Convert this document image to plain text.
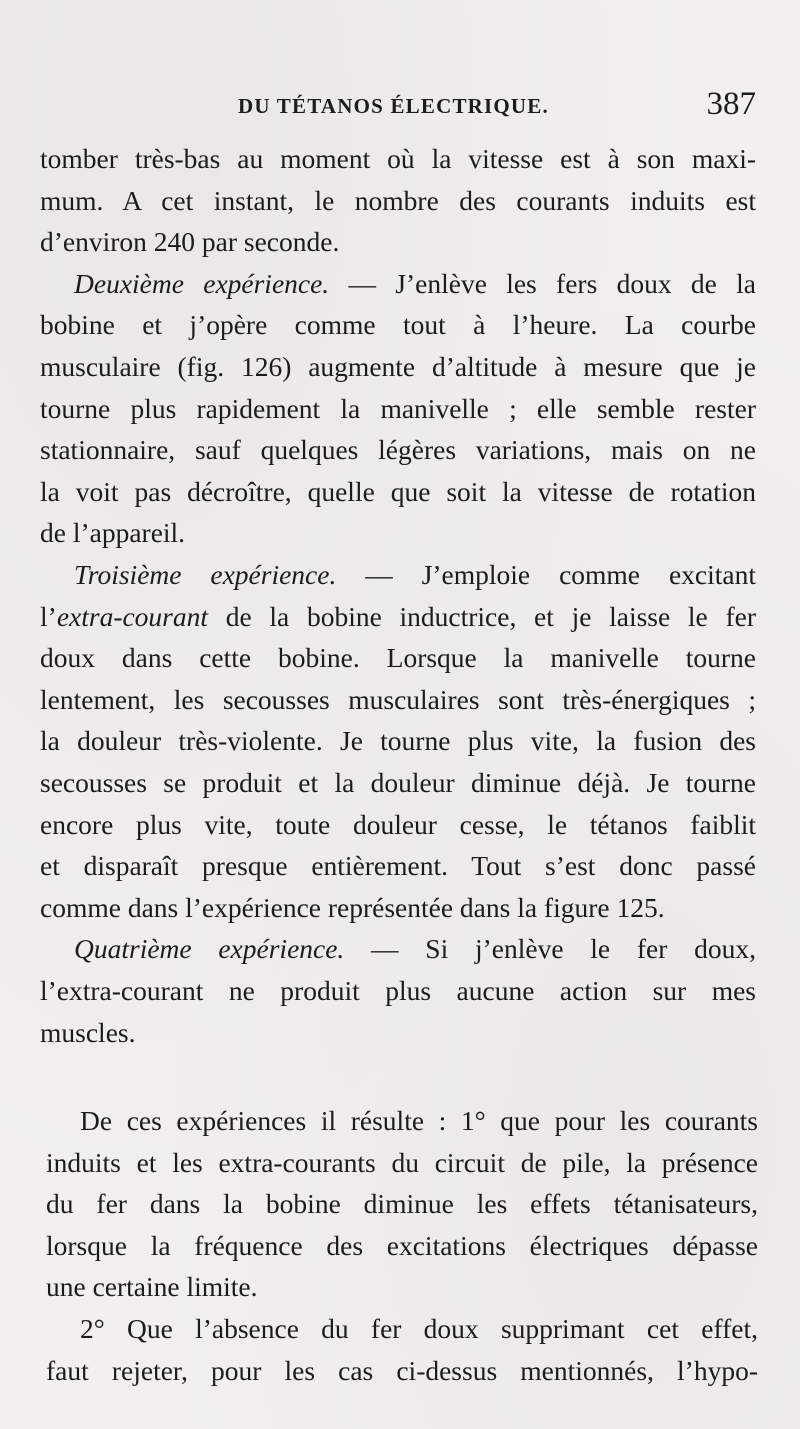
DU TÉTANOS ÉLECTRIQUE.	387
tomber très-bas au moment où la vitesse est à son maxi-
mum. A cet instant, le nombre des courants induits est
d’environ 240 par seconde.
Deuxième expérience. — J’enlève les fers doux de la
bobine et j’opère comme tout à l’heure. La courbe
musculaire (fig. 126) augmente d’altitude à mesure que je
tourne plus rapidement la manivelle ; elle semble rester
stationnaire, sauf quelques légères variations, mais on ne
la voit pas décroître, quelle que soit la vitesse de rotation
de l’appareil.
Troisième expérience. — J’emploie comme excitant
l’extra-courant de la bobine inductrice, et je laisse le fer
doux dans cette bobine. Lorsque la manivelle tourne
lentement, les secousses musculaires sont très-énergiques ;
la douleur très-violente. Je tourne plus vite, la fusion des
secousses se produit et la douleur diminue déjà. Je tourne
encore plus vite, toute douleur cesse, le tétanos faiblit
et disparaît presque entièrement. Tout s’est donc passé
comme dans l’expérience représentée dans la figure 125.
Quatrième expérience. — Si j’enlève le fer doux,
l’extra-courant ne produit plus aucune action sur mes
muscles.
De ces expériences il résulte : 1° que pour les courants
induits et les extra-courants du circuit de pile, la présence
du fer dans la bobine diminue les effets tétanisateurs,
lorsque la fréquence des excitations électriques dépasse
une certaine limite.
2° Que l’absence du fer doux supprimant cet effet,
faut rejeter, pour les cas ci-dessus mentionnés, l’hypo-
